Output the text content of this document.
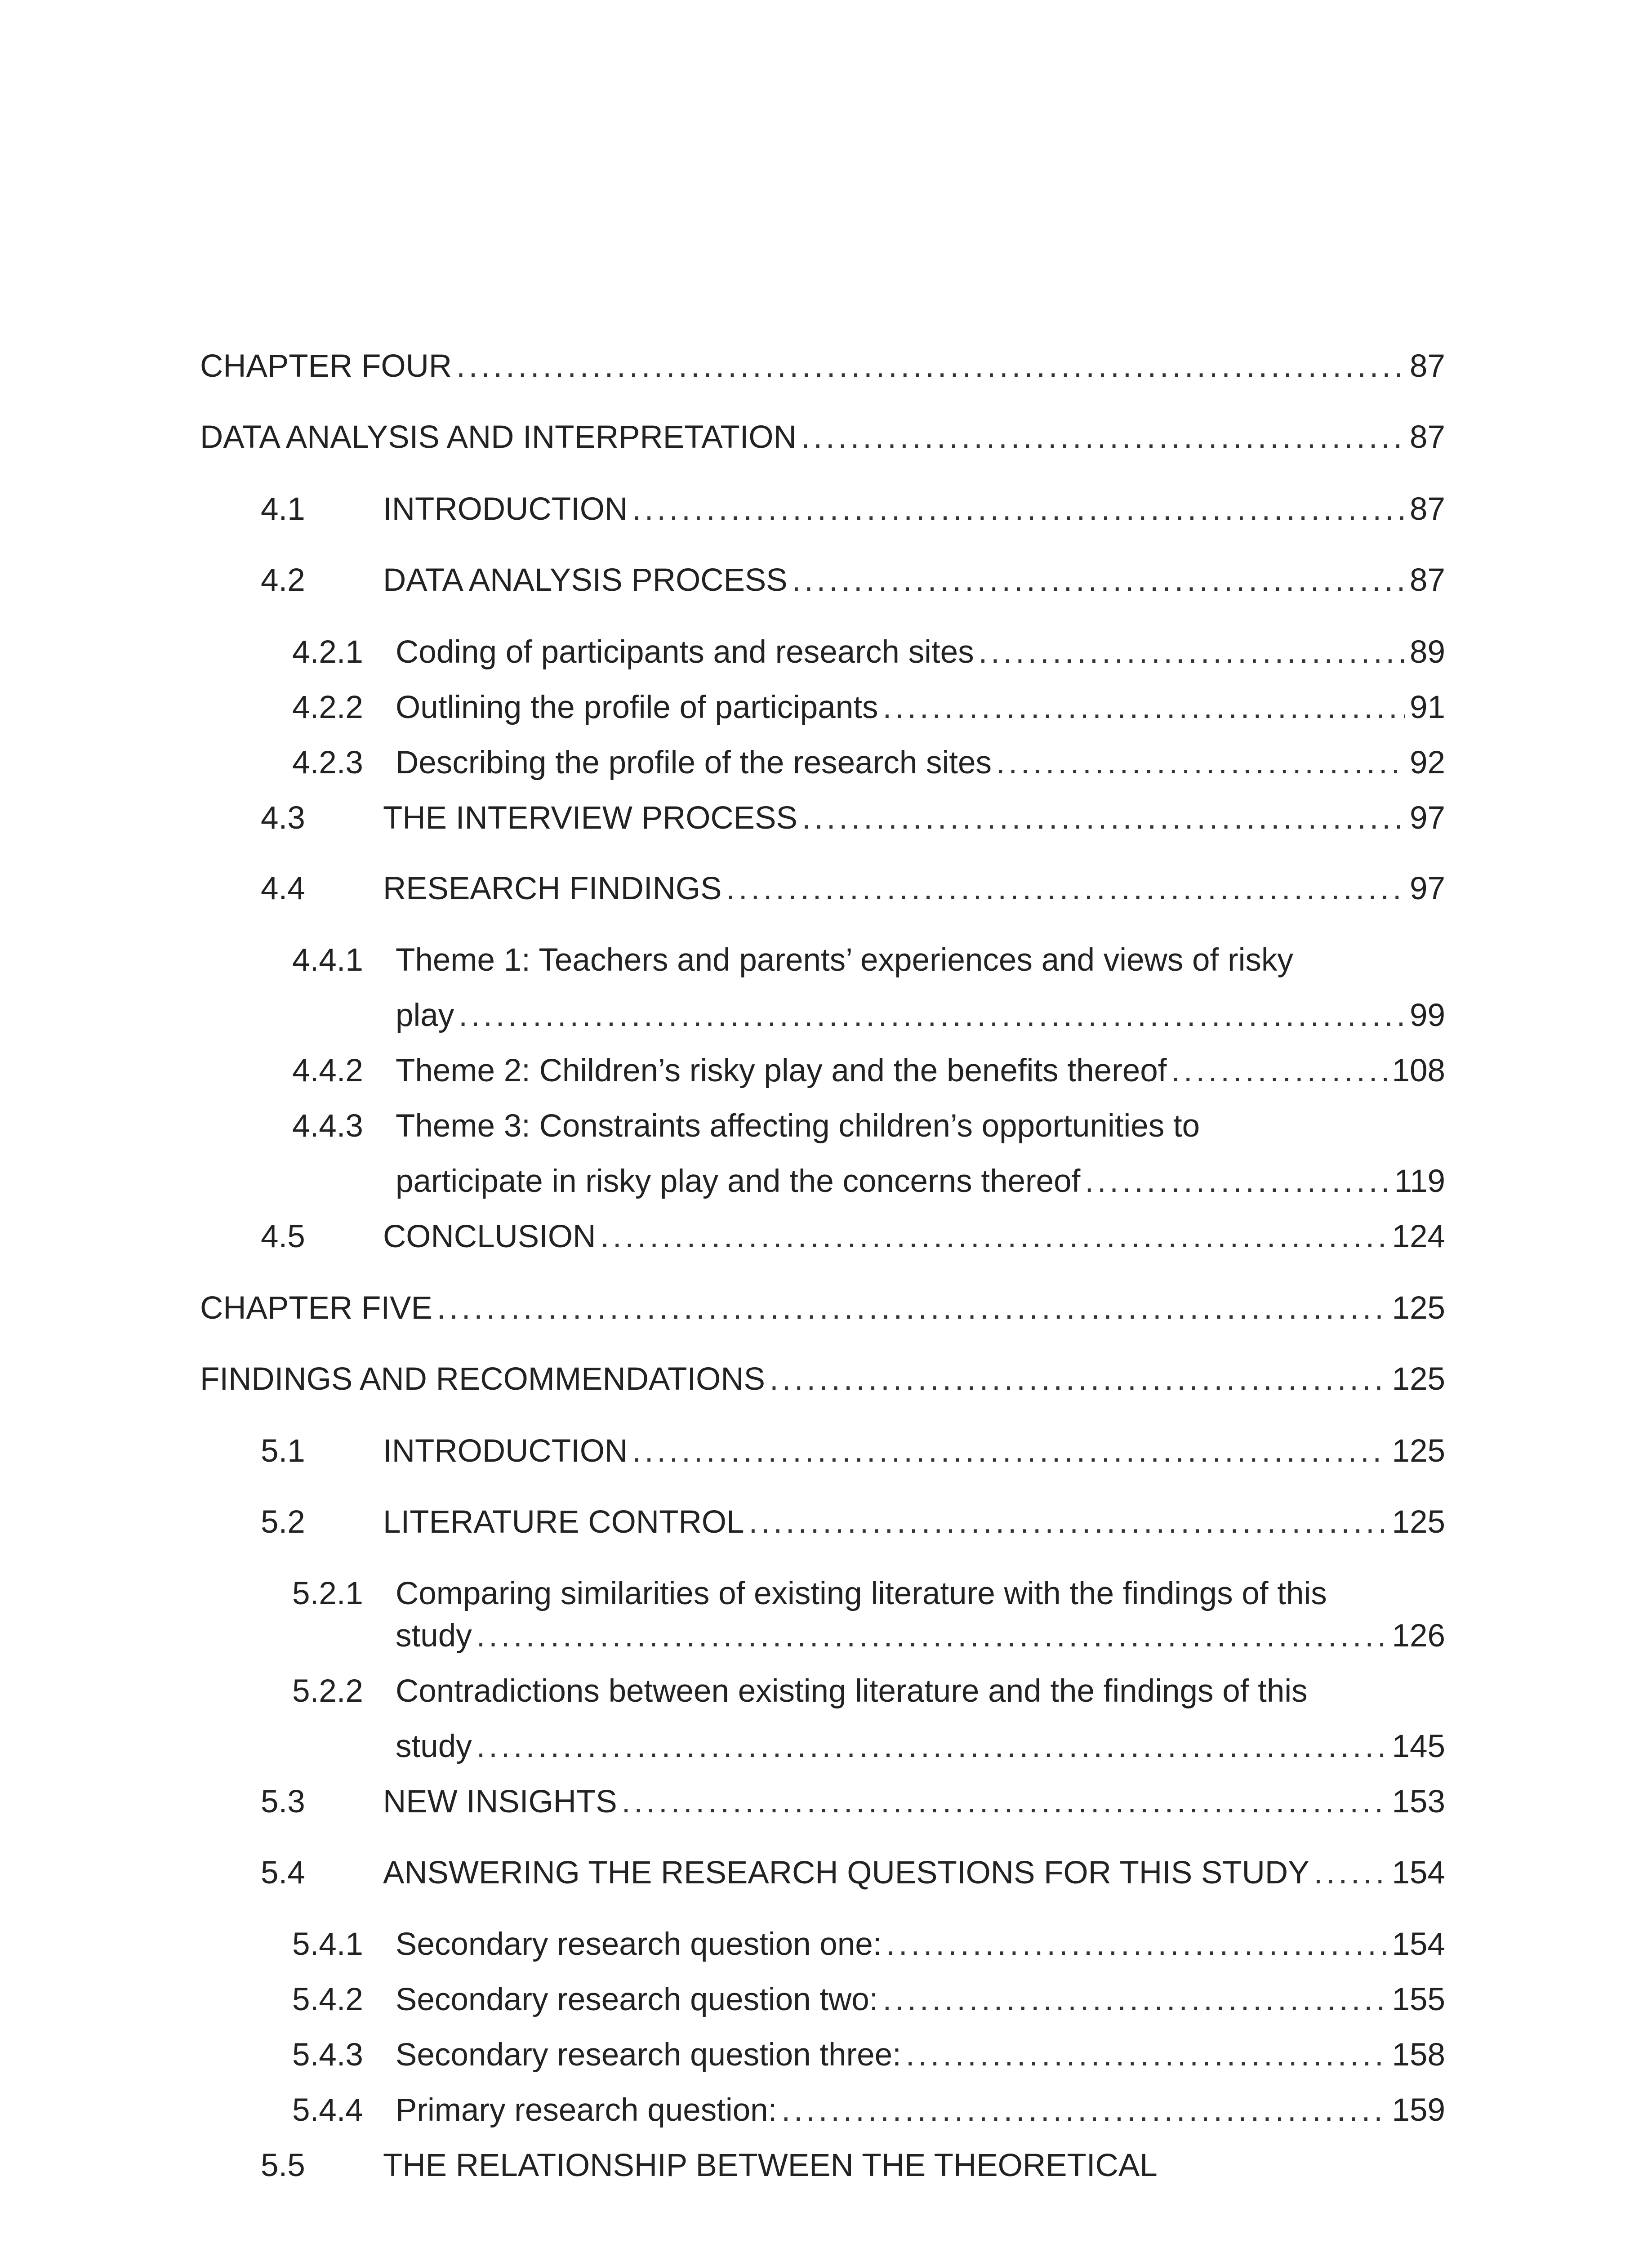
CHAPTER FOUR . . .	87
DATA ANALYSIS AND INTERPRETATION . . .	87
4.1 INTRODUCTION . . .	87
4.2 DATA ANALYSIS PROCESS . . .	87
4.2.1 Coding of participants and research sites . . .	89
4.2.2 Outlining the profile of participants . . .	91
4.2.3 Describing the profile of the research sites . . .	92
4.3 THE INTERVIEW PROCESS . . .	97
4.4 RESEARCH FINDINGS . . .	97
4.4.1 Theme 1: Teachers and parents’ experiences and views of risky
play . . .	99
4.4.2 Theme 2: Children’s risky play and the benefits thereof . . .	108
4.4.3 Theme 3: Constraints affecting children’s opportunities to
participate in risky play and the concerns thereof . . .	119
4.5 CONCLUSION . . .	124
CHAPTER FIVE . . .	125
FINDINGS AND RECOMMENDATIONS . . .	125
5.1 INTRODUCTION . . .	125
5.2 LITERATURE CONTROL . . .	125
5.2.1 Comparing similarities of existing literature with the findings of this
study . . .	126
5.2.2 Contradictions between existing literature and the findings of this
study . . .	145
5.3 NEW INSIGHTS . . .	153
5.4 ANSWERING THE RESEARCH QUESTIONS FOR THIS STUDY . . .	154
5.4.1 Secondary research question one: . . .	154
5.4.2 Secondary research question two: . . .	155
5.4.3 Secondary research question three: . . .	158
5.4.4 Primary research question: . . .	159
5.5 THE RELATIONSHIP BETWEEN THE THEORETICAL
